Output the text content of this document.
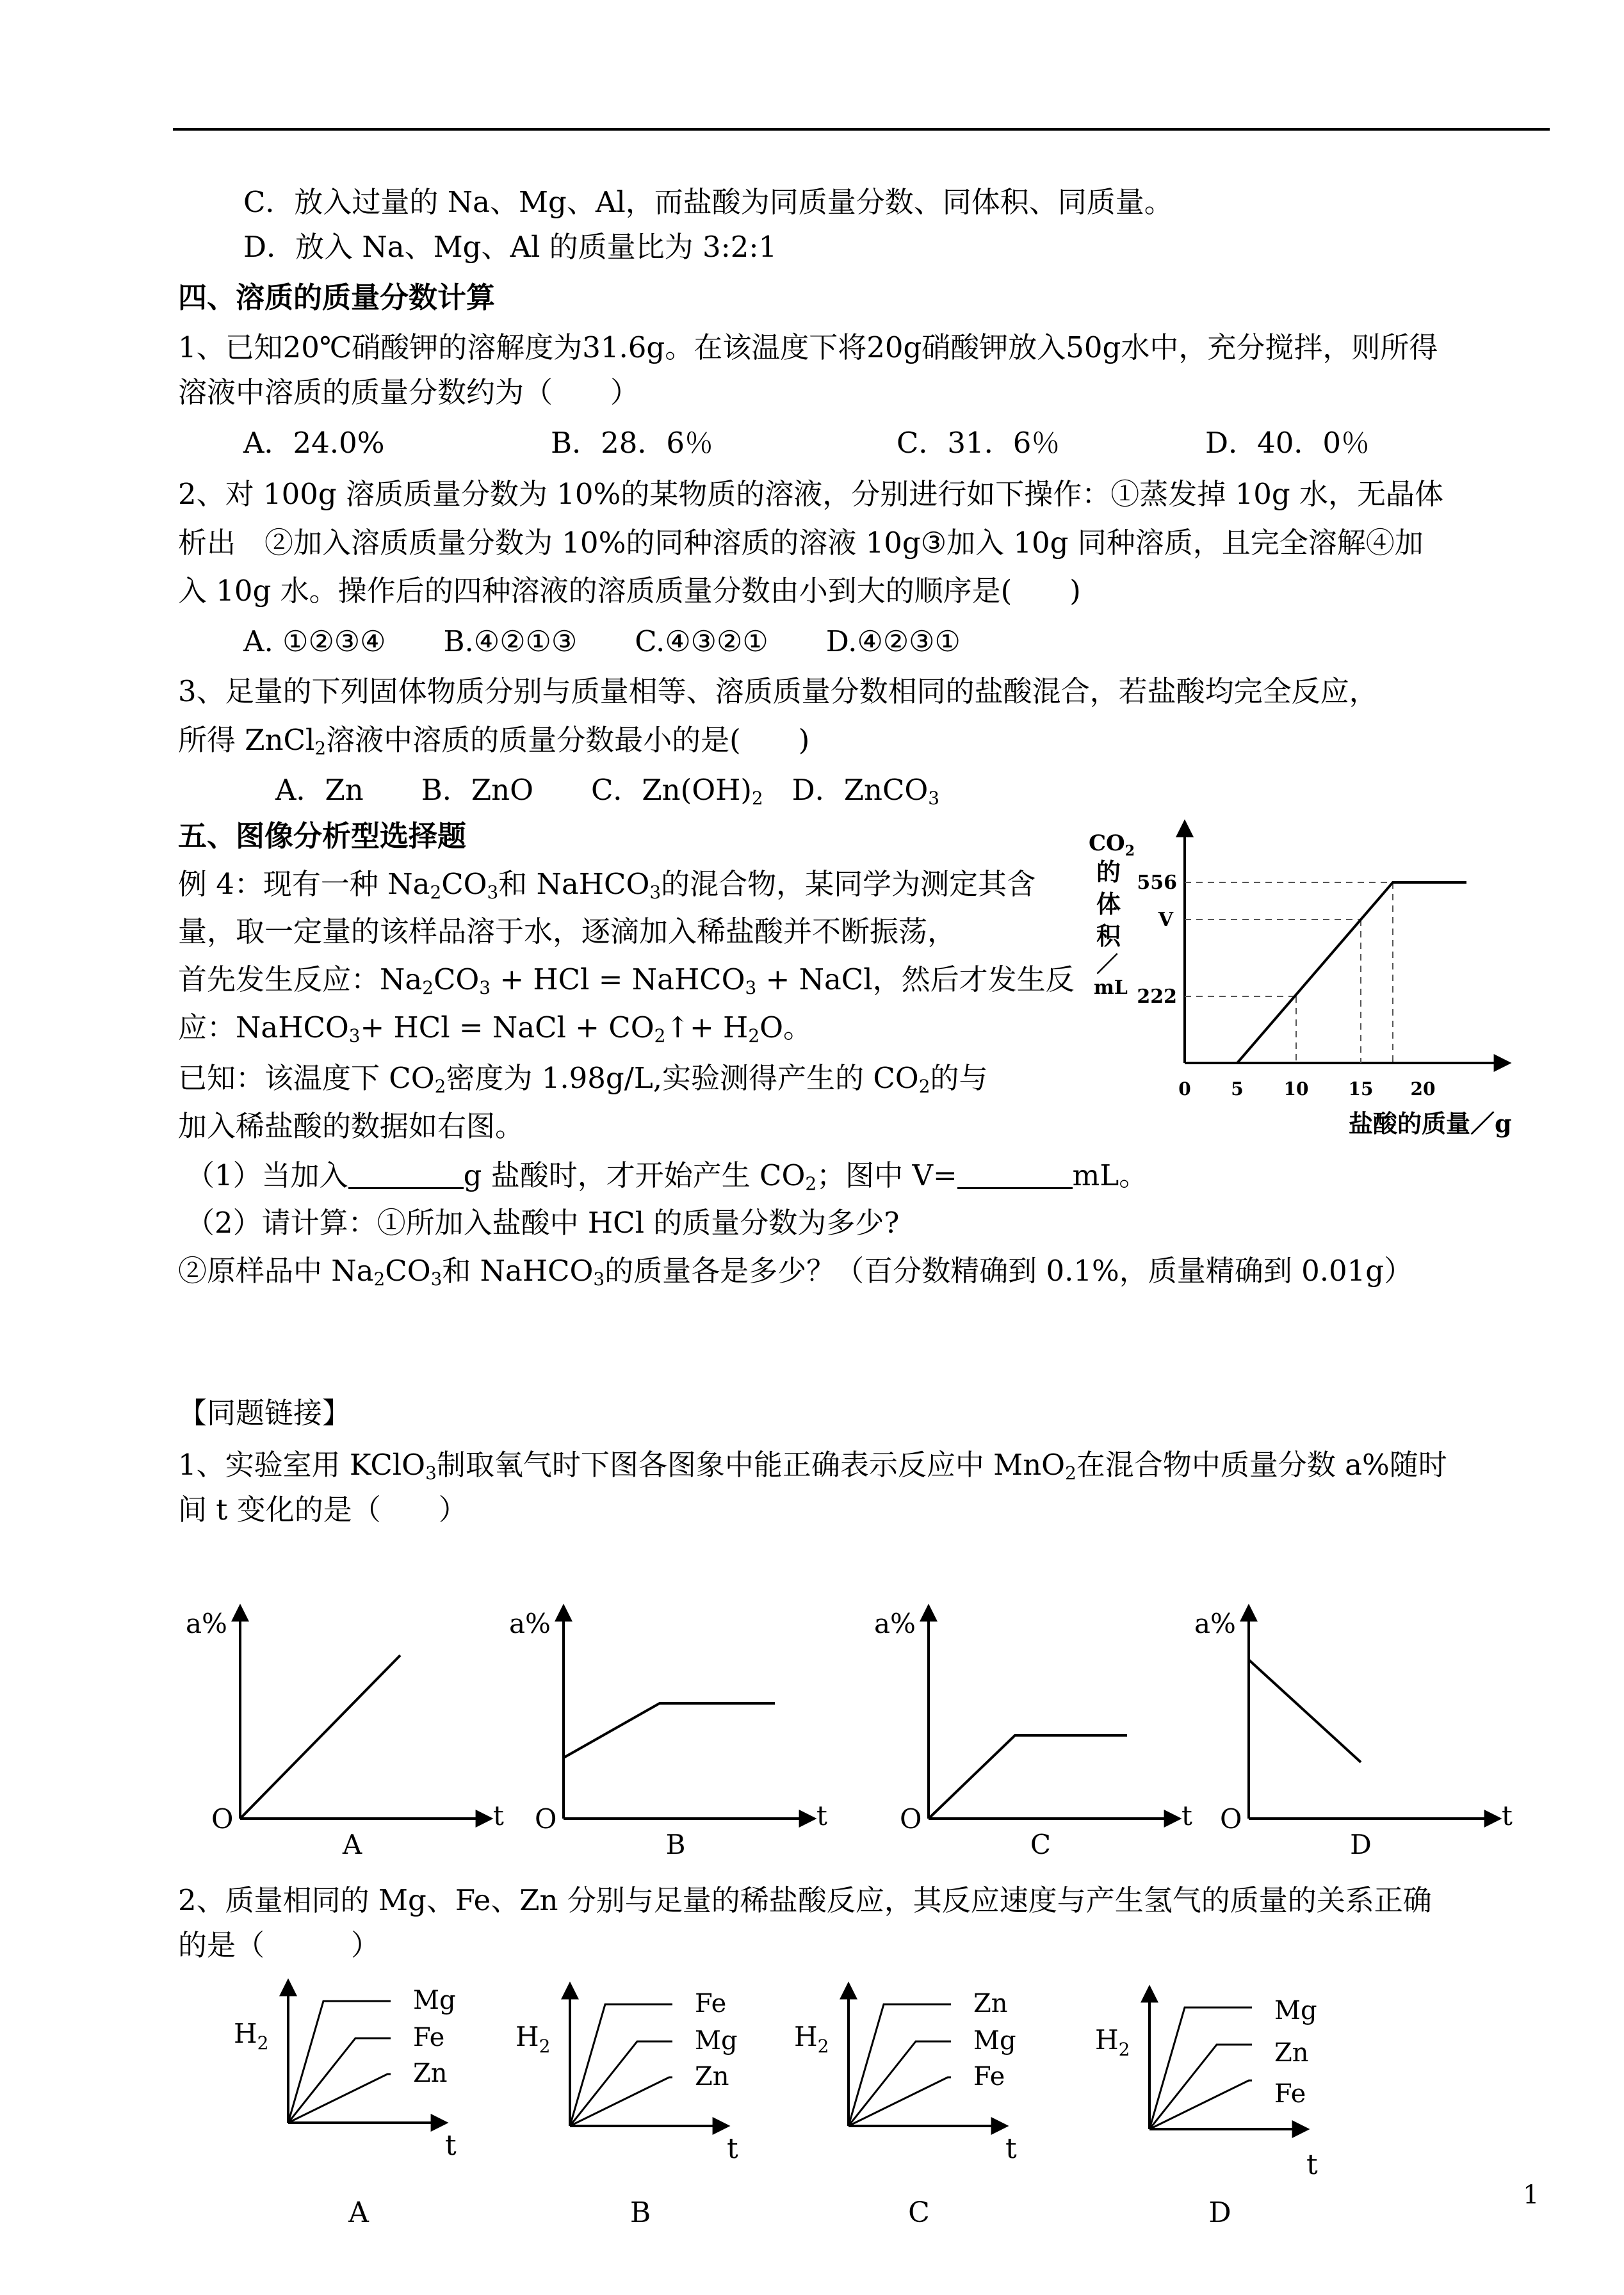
C．放入过量的 Na、Mg、Al，而盐酸为同质量分数、同体积、同质量。
D．放入 Na、Mg、Al 的质量比为 3:2:1
四、溶质的质量分数计算
1、已知20℃硝酸钾的溶解度为31.6g。在该温度下将20g硝酸钾放入50g水中，充分搅拌，则所得
溶液中溶质的质量分数约为（　　）
A．24.0%	B．28．6％	C．31．6％	D．40．0％
2、对 100g 溶质质量分数为 10%的某物质的溶液，分别进行如下操作：①蒸发掉 10g 水，无晶体
析出　②加入溶质质量分数为 10%的同种溶质的溶液 10g③加入 10g 同种溶质，且完全溶解④加
入 10g 水。操作后的四种溶液的溶质质量分数由小到大的顺序是(　　)
A. ①②③④　　B.④②①③　　C.④③②①　　D.④②③①
3、足量的下列固体物质分别与质量相等、溶质质量分数相同的盐酸混合，若盐酸均完全反应，
所得 ZnCl$_2$溶液中溶质的质量分数最小的是(　　)
A．Zn　　B．ZnO　　C．$Zn(OH)_2$　D．ZnCO$_3$
五、图像分析型选择题
例 4：现有一种 $Na_2CO_3$和 NaHCO$_3$的混合物，某同学为测定其含
量，取一定量的该样品溶于水，逐滴加入稀盐酸并不断振荡，
首先发生反应：$Na_2CO_3$ + HCl = NaHCO$_3$ + NaCl，然后才发生反
应：NaHCO$_3$+ HCl = NaCl + $CO_2↑+ H_2O$。
已知：该温度下 $CO_2$密度为 1.98g/L,实验测得产生的 $CO_2$的与
加入稀盐酸的数据如右图。
（1）当加入	g 盐酸时，才开始产生 $CO_2$；图中 V=	mL。
（2）请计算：①所加入盐酸中 HCl 的质量分数为多少?
②原样品中 $Na_2CO_3$和 NaHCO$_3$的质量各是多少？（百分数精确到 0.1%，质量精确到 0.01g）
【同题链接】
1、实验室用 KClO$_3$制取氧气时下图各图象中能正确表示反应中 MnO$_2$在混合物中质量分数 a%随时
间 t 变化的是（　　）
2、质量相同的 Mg、Fe、Zn 分别与足量的稀盐酸反应，其反应速度与产生氢气的质量的关系正确
的是（　　　）
1
$CO_2$
的
体
积
／
mL
556
V
222
0 5 10 15 20
盐酸的质量／g
a%
O	t
A
a%
O	t
B
a%
O	t
C
a%
O	t
D
Mg
Fe
Zn
$H_2$
t
A
Fe
Mg
Zn
$H_2$
t
B
Zn
Mg
Fe
$H_2$
t
C
Mg
Zn
Fe
$H_2$
t
D
